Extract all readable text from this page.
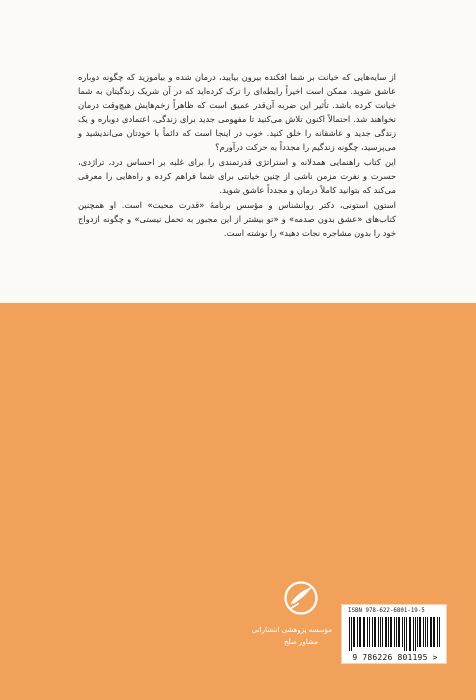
از سایه‌هایی که خیانت بر شما افکنده بیرون بیایید، درمان شده و بیاموزید که چگونه دوباره عاشق شوید. ممکن است اخیراً رابطه‌ای را ترک کرده‌اید که در آن شریک زندگیتان به شما خیانت کرده باشد. تأثیر این ضربه آن‌قدر عمیق است که ظاهراً زخم‌هایش هیچ‌وقت درمان نخواهند شد. احتمالاً اکنون تلاش می‌کنید تا مفهومی جدید برای زندگی، اعتمادی دوباره و یک زندگی جدید و عاشقانه را خلق کنید. خوب در اینجا است که دائماً با خودتان می‌اندیشید و می‌پرسید، چگونه زندگیم را مجدداً به حرکت درآورم؟

این کتاب راهنمایی همدلانه و استراتژی قدرتمندی را برای غلبه بر احساس درد، تراژدی، حسرت و نفرت مزمن ناشی از چنین خیانتی برای شما فراهم کرده و راه‌هایی را معرفی می‌کند که بتوانید کاملاً درمان و مجدداً عاشق شوید.

استون استونی، دکتر روانشناس و مؤسس برنامهٔ «قدرت محبت» است. او همچنین کتاب‌های «عشق بدون صدمه» و «تو بیشتر از این مجبور به تحمل نیستی» و چگونه ازدواج خود را بدون مشاجره نجات دهید» را نوشته است.

مؤسسه پژوهشی انتشاراتی
مشاور صلح
ISBN 978-622-6801-19-5
9 786226 801195 >
